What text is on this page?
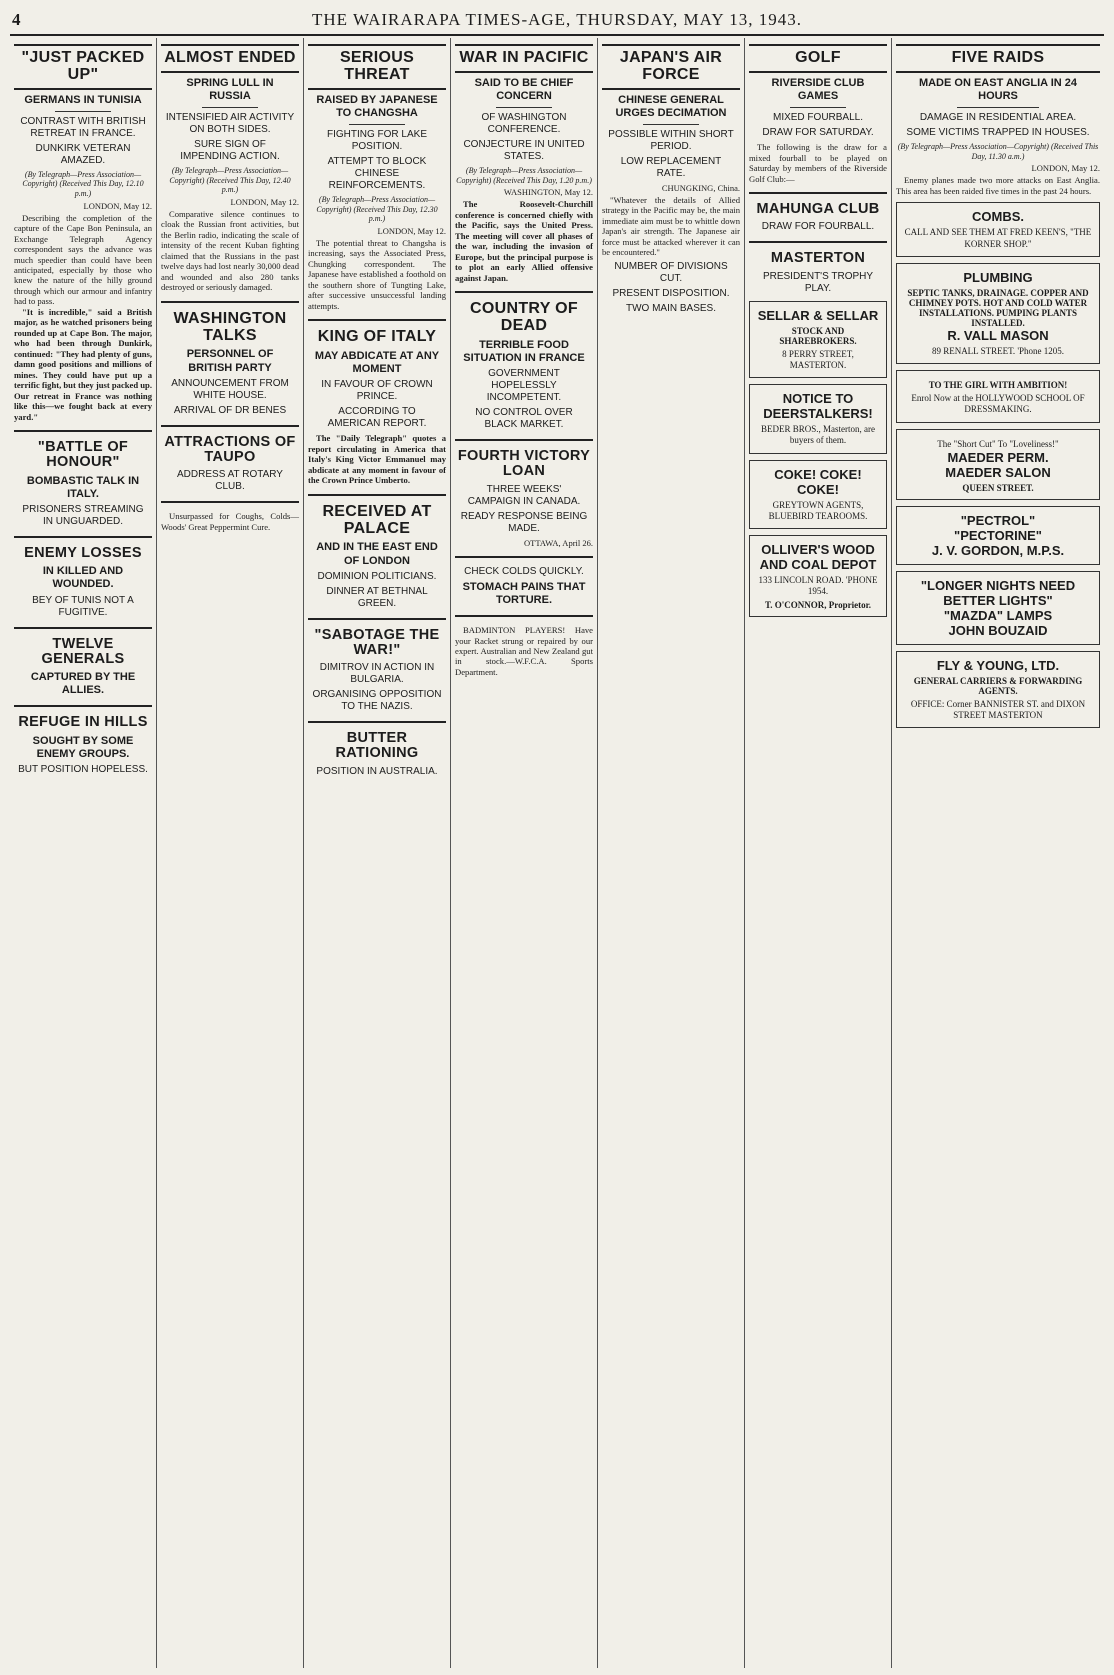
4	THE WAIRARAPA TIMES-AGE, THURSDAY, MAY 13, 1943.
"JUST PACKED UP"
GERMANS IN TUNISIA
CONTRAST WITH BRITISH RETREAT IN FRANCE.
DUNKIRK VETERAN AMAZED.
(By Telegraph—Press Association—Copyright) (Received This Day, 12.10 p.m.)
LONDON, May 12.

Describing the completion of the capture of the Cape Bon Peninsula, an Exchange Telegraph Agency correspondent says the advance was much speedier than could have been anticipated, especially by those who knew the nature of the hilly ground through which our armour and infantry had to pass.

"It is incredible," said a British major, as he watched prisoners being rounded up at Cape Bon. The major, who had been through Dunkirk, continued: "They had plenty of guns, damn good positions and millions of mines. They could have put up a terrific fight, but they just packed up. Our retreat in France was nothing like this—we fought back at every yard."

"BATTLE OF HONOUR"
BOMBASTIC TALK IN ITALY.
PRISONERS STREAMING IN UNGUARDED.
ENEMY LOSSES
IN KILLED AND WOUNDED.
BEY OF TUNIS NOT A FUGITIVE.
TWELVE GENERALS
CAPTURED BY THE ALLIES.
REFUGE IN HILLS
SOUGHT BY SOME ENEMY GROUPS.
BUT POSITION HOPELESS.
ALMOST ENDED
SPRING LULL IN RUSSIA
INTENSIFIED AIR ACTIVITY ON BOTH SIDES.
SURE SIGN OF IMPENDING ACTION.
(By Telegraph—Press Association—Copyright) (Received This Day, 12.40 p.m.)
LONDON, May 12.

Comparative silence continues to cloak the Russian front activities, but the Berlin radio, indicating the scale of intensity of the recent Kuban fighting claimed that the Russians in the past twelve days had lost nearly 30,000 dead and wounded and also 280 tanks destroyed or seriously damaged.

WASHINGTON TALKS
PERSONNEL OF BRITISH PARTY
ANNOUNCEMENT FROM WHITE HOUSE.
ARRIVAL OF DR BENES
ATTRACTIONS OF TAUPO
ADDRESS AT ROTARY CLUB.

Unsurpassed for Coughs, Colds—Woods' Great Peppermint Cure.

SERIOUS THREAT
RAISED BY JAPANESE TO CHANGSHA
FIGHTING FOR LAKE POSITION.
ATTEMPT TO BLOCK CHINESE REINFORCEMENTS.
(By Telegraph—Press Association—Copyright) (Received This Day, 12.30 p.m.)
LONDON, May 12.

The potential threat to Changsha is increasing, says the Associated Press, Chungking correspondent. The Japanese have established a foothold on the southern shore of Tungting Lake, after successive unsuccessful landing attempts.

KING OF ITALY
MAY ABDICATE AT ANY MOMENT
IN FAVOUR OF CROWN PRINCE.
ACCORDING TO AMERICAN REPORT.

The "Daily Telegraph" quotes a report circulating in America that Italy's King Victor Emmanuel may abdicate at any moment in favour of the Crown Prince Umberto.

RECEIVED AT PALACE
AND IN THE EAST END OF LONDON
DOMINION POLITICIANS.
DINNER AT BETHNAL GREEN.
"SABOTAGE THE WAR!"
DIMITROV IN ACTION IN BULGARIA.
ORGANISING OPPOSITION TO THE NAZIS.
BUTTER RATIONING
POSITION IN AUSTRALIA.
WAR IN PACIFIC
SAID TO BE CHIEF CONCERN
OF WASHINGTON CONFERENCE.
CONJECTURE IN UNITED STATES.
(By Telegraph—Press Association—Copyright) (Received This Day, 1.20 p.m.)
WASHINGTON, May 12.

The Roosevelt-Churchill conference is concerned chiefly with the Pacific, says the United Press. The meeting will cover all phases of the war, including the invasion of Europe, but the principal purpose is to plot an early Allied offensive against Japan.

COUNTRY OF DEAD
TERRIBLE FOOD SITUATION IN FRANCE
GOVERNMENT HOPELESSLY INCOMPETENT.
NO CONTROL OVER BLACK MARKET.
FOURTH VICTORY LOAN
THREE WEEKS' CAMPAIGN IN CANADA.
READY RESPONSE BEING MADE.
OTTAWA, April 26.
CHECK COLDS QUICKLY.
STOMACH PAINS THAT TORTURE.

BADMINTON PLAYERS! Have your Racket strung or repaired by our expert. Australian and New Zealand gut in stock.—W.F.C.A. Sports Department.

JAPAN'S AIR FORCE
CHINESE GENERAL URGES DECIMATION
POSSIBLE WITHIN SHORT PERIOD.
LOW REPLACEMENT RATE.
CHUNGKING, China.

"Whatever the details of Allied strategy in the Pacific may be, the main immediate aim must be to whittle down Japan's air strength. The Japanese air force must be attacked wherever it can be encountered."

NUMBER OF DIVISIONS CUT.
PRESENT DISPOSITION.
TWO MAIN BASES.
GOLF
RIVERSIDE CLUB GAMES
MIXED FOURBALL.
DRAW FOR SATURDAY.

The following is the draw for a mixed fourball to be played on Saturday by members of the Riverside Golf Club:—

MAHUNGA CLUB
DRAW FOR FOURBALL.
MASTERTON
PRESIDENT'S TROPHY PLAY.
SELLAR & SELLAR
STOCK AND SHAREBROKERS.
8 PERRY STREET, MASTERTON.
NOTICE TO DEERSTALKERS!
BEDER BROS., Masterton, are buyers of them.
COKE! COKE! COKE!
GREYTOWN AGENTS, BLUEBIRD TEAROOMS.
OLLIVER'S WOOD AND COAL DEPOT
133 LINCOLN ROAD. 'PHONE 1954.
T. O'CONNOR, Proprietor.
FIVE RAIDS
MADE ON EAST ANGLIA IN 24 HOURS
DAMAGE IN RESIDENTIAL AREA.
SOME VICTIMS TRAPPED IN HOUSES.
(By Telegraph—Press Association—Copyright) (Received This Day, 11.30 a.m.)
LONDON, May 12.

Enemy planes made two more attacks on East Anglia. This area has been raided five times in the past 24 hours.

COMBS.
CALL AND SEE THEM AT FRED KEEN'S, "THE KORNER SHOP."
PLUMBING
SEPTIC TANKS, DRAINAGE. COPPER AND CHIMNEY POTS. HOT AND COLD WATER INSTALLATIONS. PUMPING PLANTS INSTALLED.
R. VALL MASON
89 RENALL STREET. 'Phone 1205.
TO THE GIRL WITH AMBITION!
Enrol Now at the HOLLYWOOD SCHOOL OF DRESSMAKING.
The "Short Cut" To "Loveliness!"
MAEDER PERM.
MAEDER SALON
QUEEN STREET.
"PECTROL"
"PECTORINE"
J. V. GORDON, M.P.S.
"LONGER NIGHTS NEED BETTER LIGHTS"
"MAZDA" LAMPS
JOHN BOUZAID
FLY & YOUNG, LTD.
GENERAL CARRIERS & FORWARDING AGENTS.
OFFICE: Corner BANNISTER ST. and DIXON STREET MASTERTON
